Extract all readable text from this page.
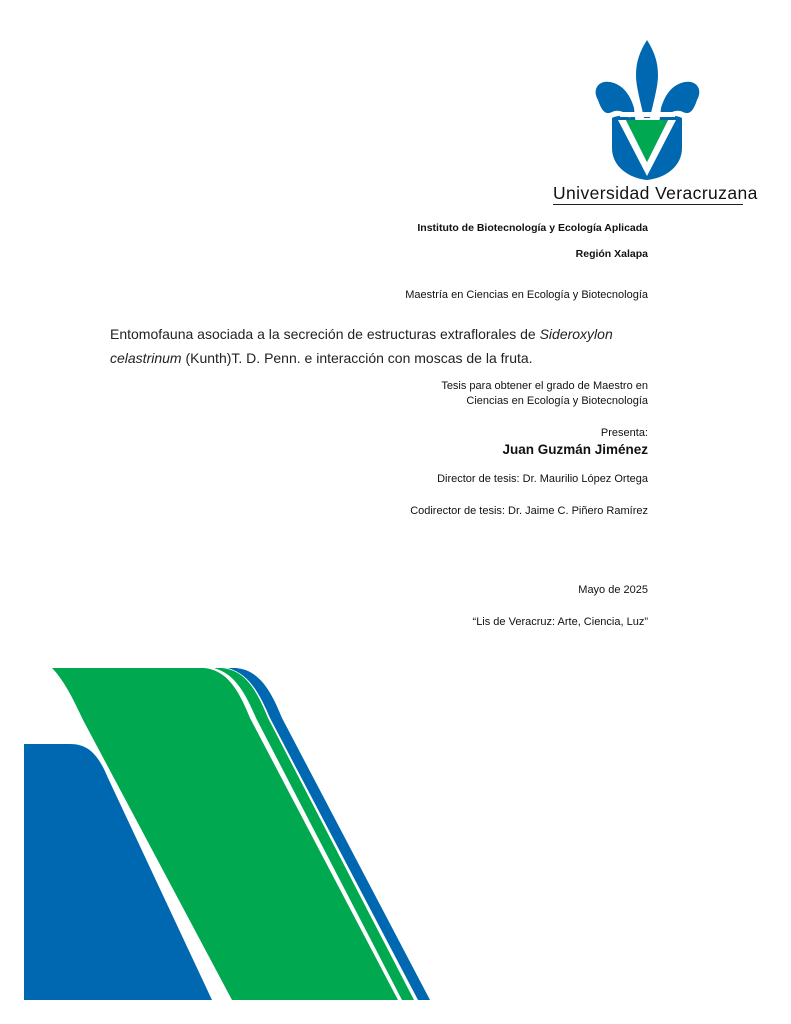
Universidad Veracruzana
Instituto de Biotecnología y Ecología Aplicada
Región Xalapa
Maestría en Ciencias en Ecología y Biotecnología
Entomofauna asociada a la secreción de estructuras extraflorales de Sideroxylon
celastrinum (Kunth)T. D. Penn. e interacción con moscas de la fruta.
Tesis para obtener el grado de Maestro en
Ciencias en Ecología y Biotecnología
Presenta:
Juan Guzmán Jiménez
Director de tesis: Dr. Maurilio López Ortega
Codirector de tesis: Dr. Jaime C. Piñero Ramírez
Mayo de 2025
“Lis de Veracruz: Arte, Ciencia, Luz”
